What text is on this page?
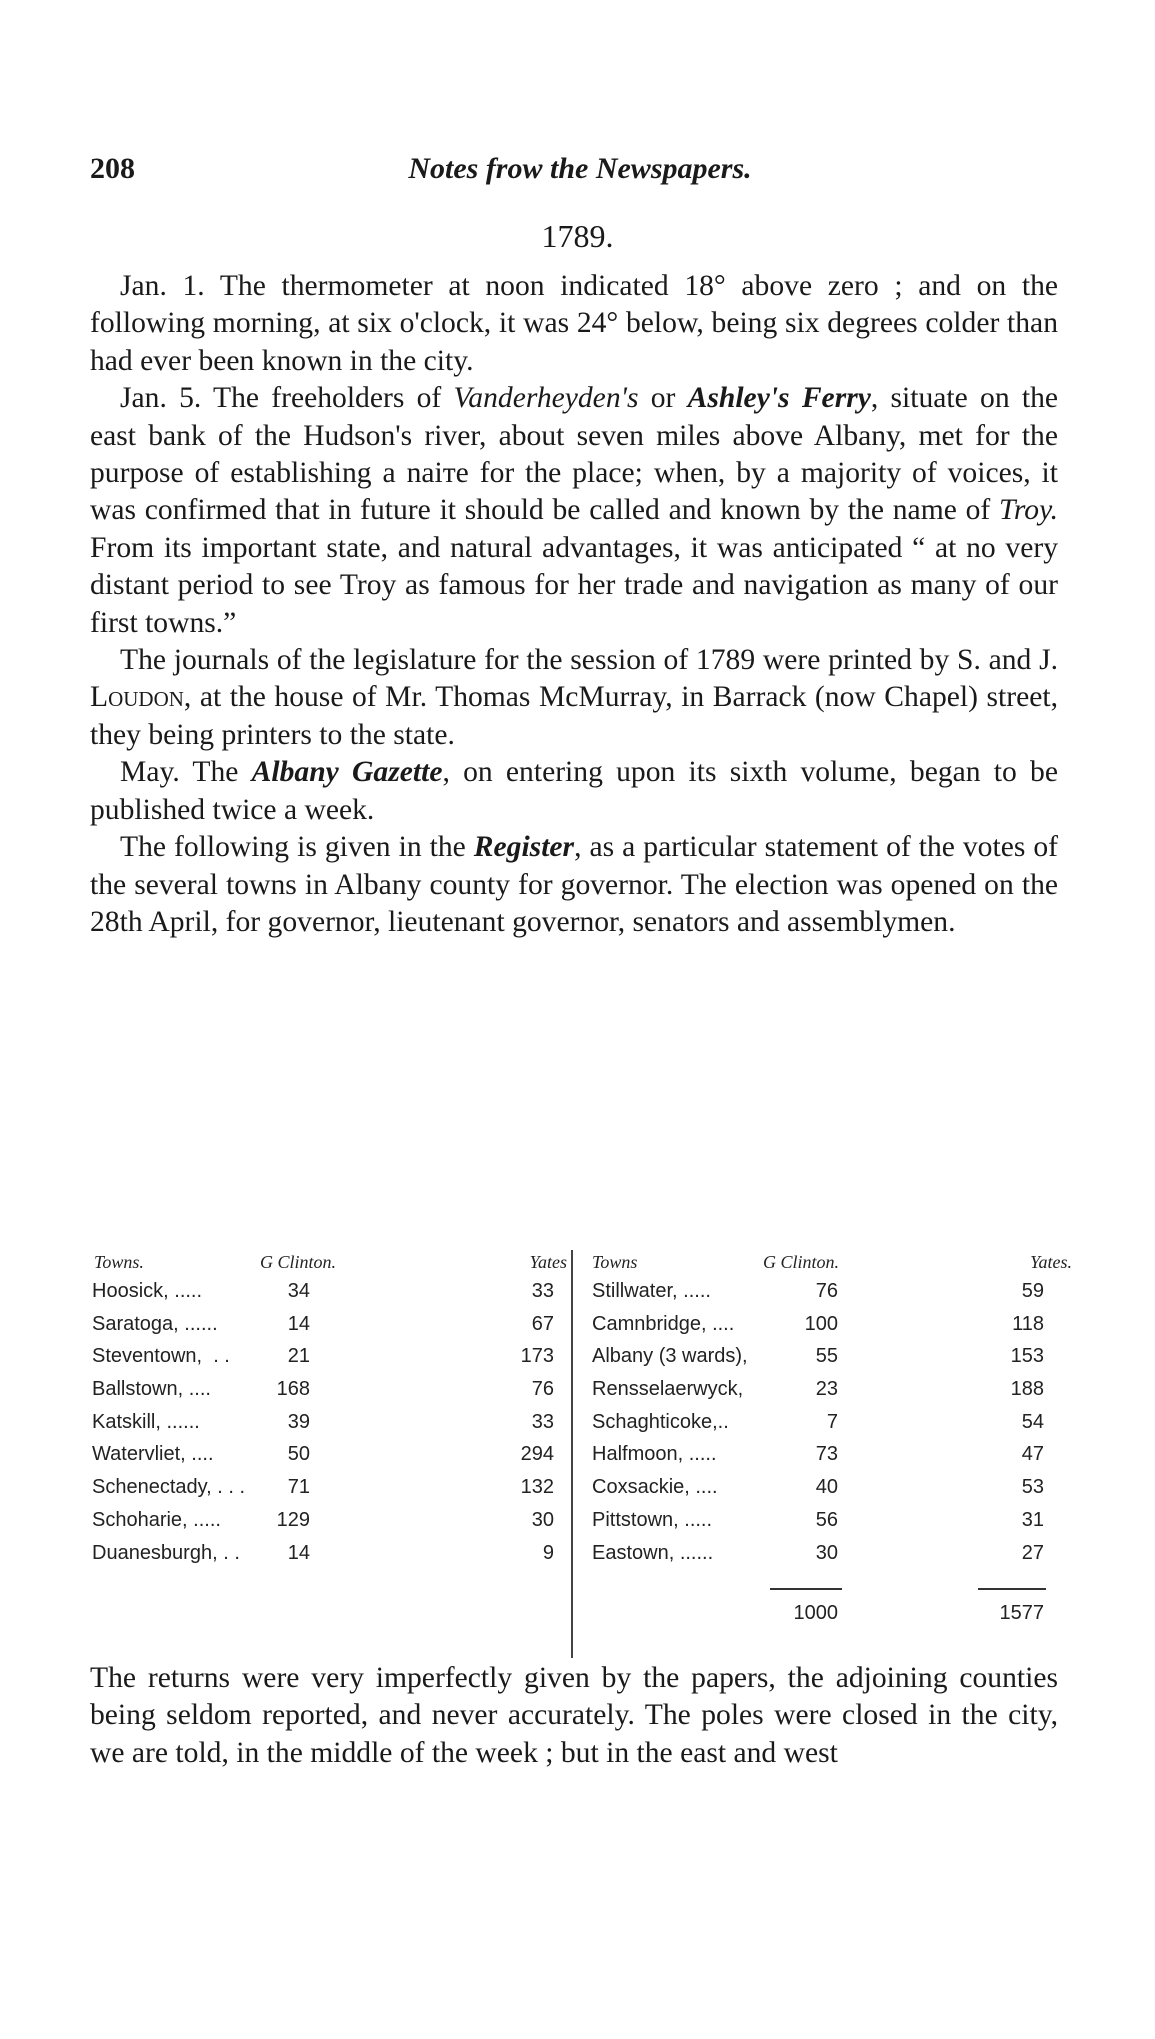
208	Notes frow the Newspapers.
1789.

Jan. 1. The thermometer at noon indicated 18° above zero ; and on the following morning, at six o'clock, it was 24° below, being six degrees colder than had ever been known in the city.

Jan. 5. The freeholders of Vanderheyden's or Ashley's Ferry, situate on the east bank of the Hudson's river, about seven miles above Albany, met for the purpose of establishing a naiтe for the place; when, by a majority of voices, it was confirmed that in future it should be called and known by the name of Troy. From its important state, and natural advantages, it was anticipated “ at no very distant period to see Troy as famous for her trade and navigation as many of our first towns.”

The journals of the legislature for the session of 1789 were printed by S. and J. Loudon, at the house of Mr. Thomas McMurray, in Barrack (now Chapel) street, they being printers to the state.

May. The Albany Gazette, on entering upon its sixth volume, began to be published twice a week.

The following is given in the Register, as a particular statement of the votes of the several towns in Albany county for governor. The election was opened on the 28th April, for governor, lieutenant governor, senators and assemblymen.

Towns.	G Clinton.	Yates
Hoosick, .....	34	33
Saratoga, ......	14	67
Steventown,  . .	21	173
Ballstown, ....	168	76
Katskill, ......	39	33
Watervliet, ....	50	294
Schenectady, . . .	71	132
Schoharie, .....	129	30
Duanesburgh, . .	14	9
Towns	G Clinton.	Yates.
Stillwater, .....	76	59
Camnbridge, ....	100	118
Albany (3 wards),	55	153
Rensselaerwyck,	23	188
Schaghticoke,..	7	54
Halfmoon, .....	73	47
Coxsackie, ....	40	53
Pittstown, .....	56	31
Eastown, ......	30	27
1000	1577

The returns were very imperfectly given by the papers, the adjoining counties being seldom reported, and never accurately. The poles were closed in the city, we are told, in the middle of the week ; but in the east and west
